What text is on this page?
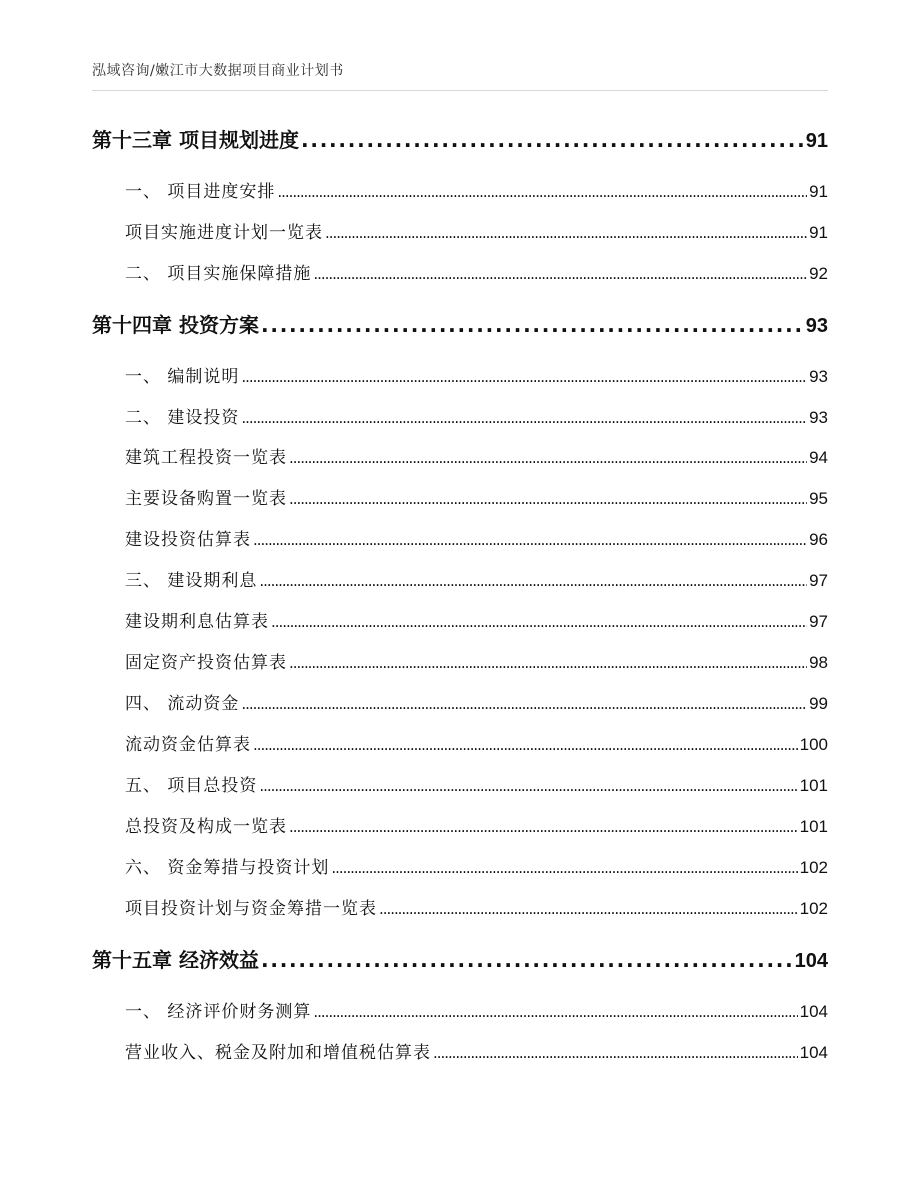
泓域咨询/嫩江市大数据项目商业计划书
第十三章 项目规划进度 . . .	91
一、 项目进度安排 . . .	91
项目实施进度计划一览表 . . .	91
二、 项目实施保障措施 . . .	92
第十四章 投资方案 . . .	93
一、 编制说明 . . .	93
二、 建设投资 . . .	93
建筑工程投资一览表 . . .	94
主要设备购置一览表 . . .	95
建设投资估算表 . . .	96
三、 建设期利息 . . .	97
建设期利息估算表 . . .	97
固定资产投资估算表 . . .	98
四、 流动资金 . . .	99
流动资金估算表 . . .	100
五、 项目总投资 . . .	101
总投资及构成一览表 . . .	101
六、 资金筹措与投资计划 . . .	102
项目投资计划与资金筹措一览表 . . .	102
第十五章 经济效益 . . .	104
一、 经济评价财务测算 . . .	104
营业收入、税金及附加和增值税估算表 . . .	104
